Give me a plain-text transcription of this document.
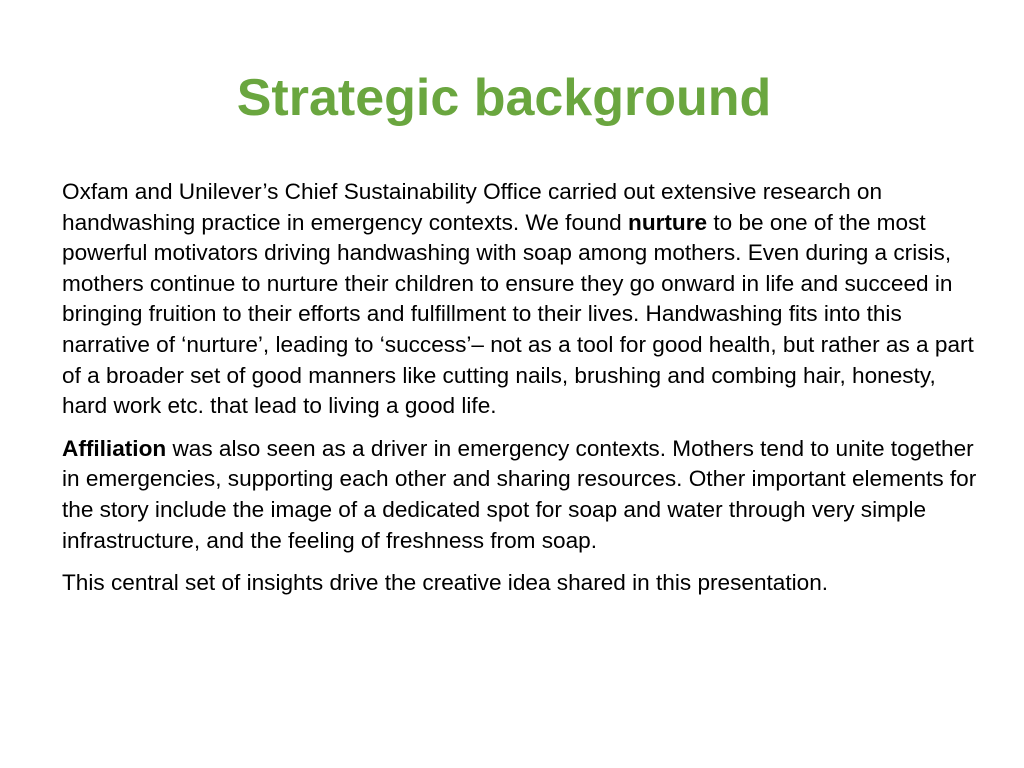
Strategic background

Oxfam and Unilever’s Chief Sustainability Office carried out extensive research on handwashing practice in emergency contexts. We found nurture to be one of the most powerful motivators driving handwashing with soap among mothers. Even during a crisis, mothers continue to nurture their children to ensure they go onward in life and succeed in bringing fruition to their efforts and fulfillment to their lives. Handwashing fits into this narrative of ‘nurture’, leading to ‘success’– not as a tool for good health, but rather as a part of a broader set of good manners like cutting nails, brushing and combing hair, honesty, hard work etc. that lead to living a good life.

Affiliation was also seen as a driver in emergency contexts. Mothers tend to unite together in emergencies, supporting each other and sharing resources. Other important elements for the story include the image of a dedicated spot for soap and water through very simple infrastructure, and the feeling of freshness from soap.

This central set of insights drive the creative idea shared in this presentation.
